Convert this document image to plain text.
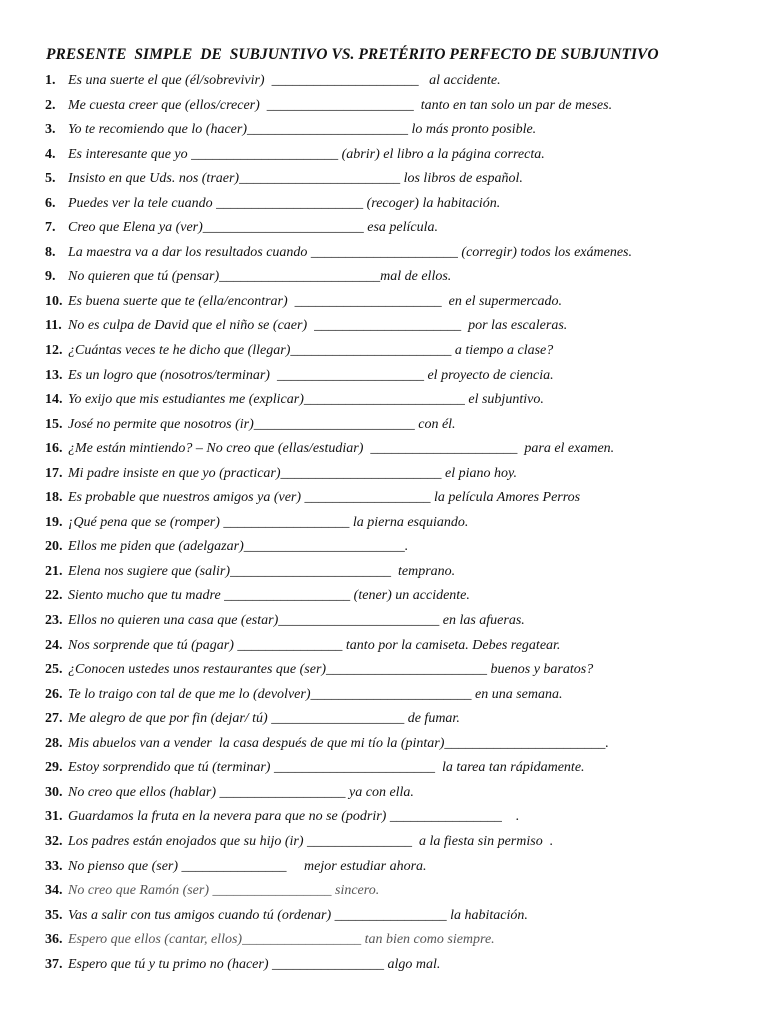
PRESENTE  SIMPLE  DE  SUBJUNTIVO VS. PRETÉRITO PERFECTO DE SUBJUNTIVO
1. Es una suerte el que (él/sobrevivir)  _____________________   al accidente.
2. Me cuesta creer que (ellos/crecer)  _____________________  tanto en tan solo un par de meses.
3. Yo te recomiendo que lo (hacer)_______________________ lo más pronto posible.
4. Es interesante que yo _____________________ (abrir) el libro a la página correcta.
5. Insisto en que Uds. nos (traer)_______________________ los libros de español.
6. Puedes ver la tele cuando _____________________ (recoger) la habitación.
7. Creo que Elena ya (ver)_______________________ esa película.
8. La maestra va a dar los resultados cuando _____________________ (corregir) todos los exámenes.
9. No quieren que tú (pensar)_______________________mal de ellos.
10. Es buena suerte que te (ella/encontrar)  _____________________  en el supermercado.
11. No es culpa de David que el niño se (caer)  _____________________  por las escaleras.
12. ¿Cuántas veces te he dicho que (llegar)_______________________ a tiempo a clase?
13. Es un logro que (nosotros/terminar)  _____________________ el proyecto de ciencia.
14. Yo exijo que mis estudiantes me (explicar)_______________________ el subjuntivo.
15. José no permite que nosotros (ir)_______________________ con él.
16. ¿Me están mintiendo? – No creo que (ellas/estudiar)  _____________________  para el examen.
17. Mi padre insiste en que yo (practicar)_______________________ el piano hoy.
18. Es probable que nuestros amigos ya (ver) __________________ la película Amores Perros
19. ¡Qué pena que se (romper) __________________ la pierna esquiando.
20. Ellos me piden que (adelgazar)_______________________.
21. Elena nos sugiere que (salir)_______________________  temprano.
22. Siento mucho que tu madre __________________ (tener) un accidente.
23. Ellos no quieren una casa que (estar)_______________________ en las afueras.
24. Nos sorprende que tú (pagar) _______________ tanto por la camiseta. Debes regatear.
25. ¿Conocen ustedes unos restaurantes que (ser)_______________________ buenos y baratos?
26. Te lo traigo con tal de que me lo (devolver)_______________________ en una semana.
27. Me alegro de que por fin (dejar/ tú) ___________________ de fumar.
28. Mis abuelos van a vender  la casa después de que mi tío la (pintar)_______________________.
29. Estoy sorprendido que tú (terminar) _______________________  la tarea tan rápidamente.
30. No creo que ellos (hablar) __________________ ya con ella.
31. Guardamos la fruta en la nevera para que no se (podrir) ________________    .
32. Los padres están enojados que su hijo (ir) _______________  a la fiesta sin permiso  .
33. No pienso que (ser) _______________     mejor estudiar ahora.
34. No creo que Ramón (ser) _________________ sincero.
35. Vas a salir con tus amigos cuando tú (ordenar) ________________ la habitación.
36. Espero que ellos (cantar, ellos)_________________ tan bien como siempre.
37. Espero que tú y tu primo no (hacer) ________________ algo mal.
